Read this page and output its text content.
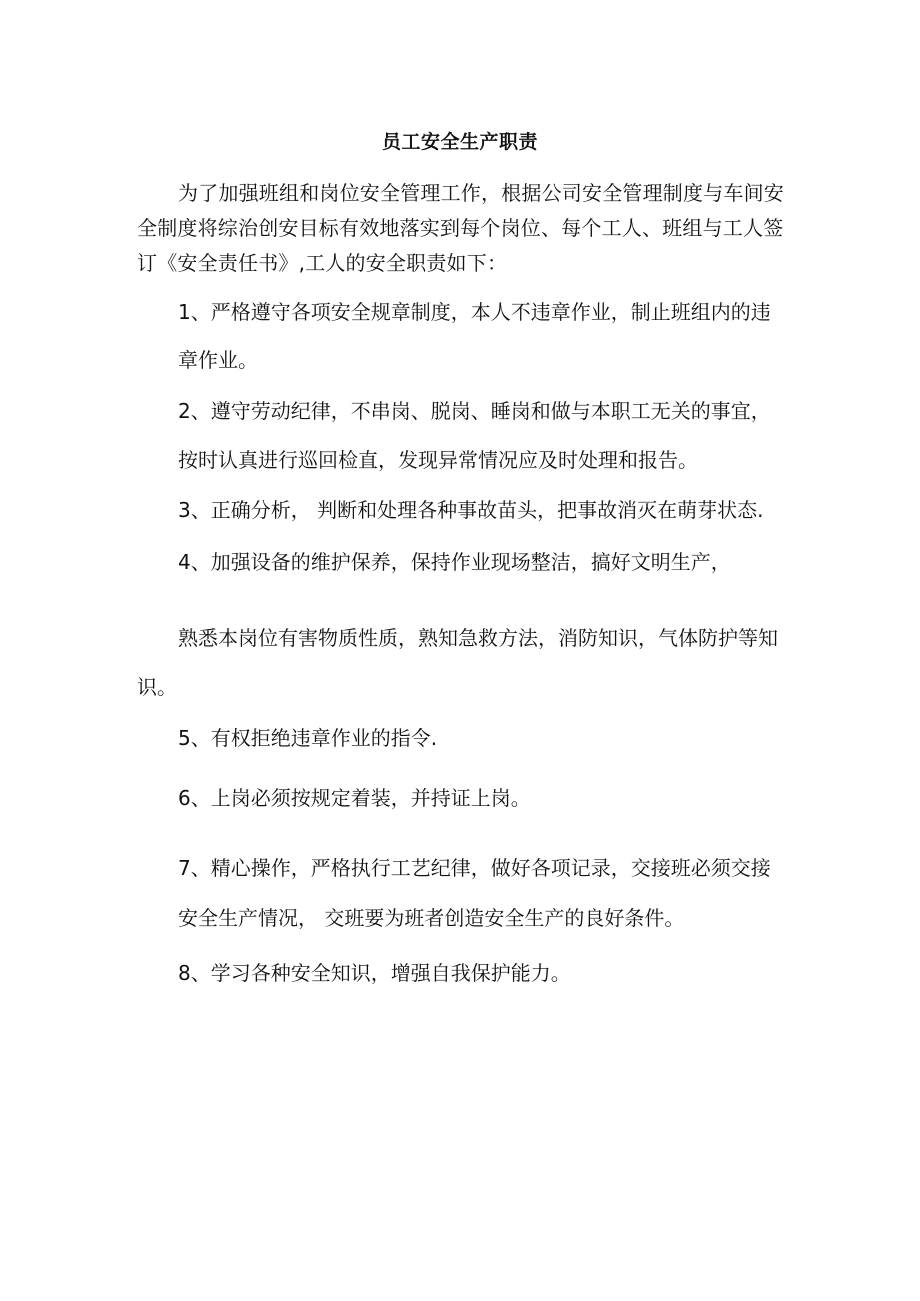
员工安全生产职责
为了加强班组和岗位安全管理工作，根据公司安全管理制度与车间安
全制度将综治创安目标有效地落实到每个岗位、每个工人、班组与工人签
订《安全责任书》,工人的安全职责如下：
1、严格遵守各项安全规章制度，本人不违章作业，制止班组内的违
章作业。
2、遵守劳动纪律，不串岗、脱岗、睡岗和做与本职工无关的事宜，
按时认真进行巡回检直，发现异常情况应及时处理和报告。
3、正确分析， 判断和处理各种事故苗头，把事故消灭在萌芽状态.
4、加强设备的维护保养，保持作业现场整洁，搞好文明生产，
熟悉本岗位有害物质性质，熟知急救方法，消防知识，气体防护等知
识。
5、有权拒绝违章作业的指令.
6、上岗必须按规定着装，并持证上岗。
7、精心操作，严格执行工艺纪律，做好各项记录，交接班必须交接
安全生产情况， 交班要为班者创造安全生产的良好条件。
8、学习各种安全知识，增强自我保护能力。
